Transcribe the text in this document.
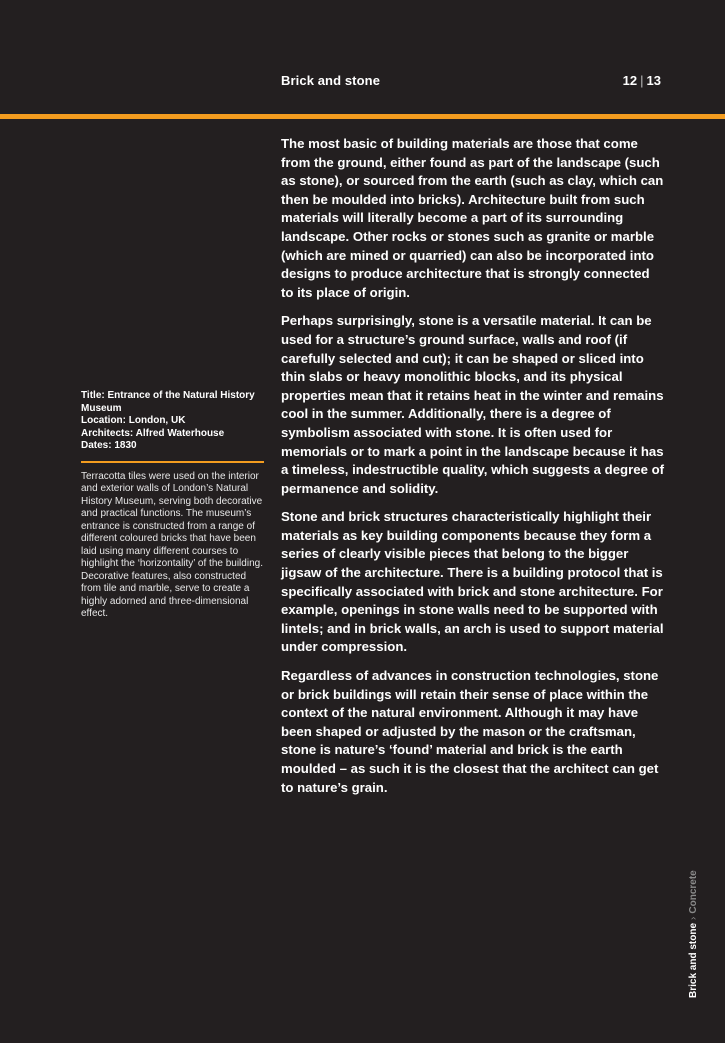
Brick and stone	12 | 13

Title: Entrance of the Natural History Museum

Location: London, UK

Architects: Alfred Waterhouse

Dates: 1830

Terracotta tiles were used on the interior and exterior walls of London’s Natural History Museum, serving both decorative and practical functions. The museum’s entrance is constructed from a range of different coloured bricks that have been laid using many different courses to highlight the ‘horizontality’ of the building. Decorative features, also constructed from tile and marble, serve to create a highly adorned and three-dimensional effect.

The most basic of building materials are those that come from the ground, either found as part of the landscape (such as stone), or sourced from the earth (such as clay, which can then be moulded into bricks). Architecture built from such materials will literally become a part of its surrounding landscape. Other rocks or stones such as granite or marble (which are mined or quarried) can also be incorporated into designs to produce architecture that is strongly connected to its place of origin.

Perhaps surprisingly, stone is a versatile material. It can be used for a structure’s ground surface, walls and roof (if carefully selected and cut); it can be shaped or sliced into thin slabs or heavy monolithic blocks, and its physical properties mean that it retains heat in the winter and remains cool in the summer. Additionally, there is a degree of symbolism associated with stone. It is often used for memorials or to mark a point in the landscape because it has a timeless, indestructible quality, which suggests a degree of permanence and solidity.

Stone and brick structures characteristically highlight their materials as key building components because they form a series of clearly visible pieces that belong to the bigger jigsaw of the architecture. There is a building protocol that is specifically associated with brick and stone architecture. For example, openings in stone walls need to be supported with lintels; and in brick walls, an arch is used to support material under compression.

Regardless of advances in construction technologies, stone or brick buildings will retain their sense of place within the context of the natural environment. Although it may have been shaped or adjusted by the mason or the craftsman, stone is nature’s ‘found’ material and brick is the earth moulded – as such it is the closest that the architect can get to nature’s grain.

Brick and stone›Concrete
